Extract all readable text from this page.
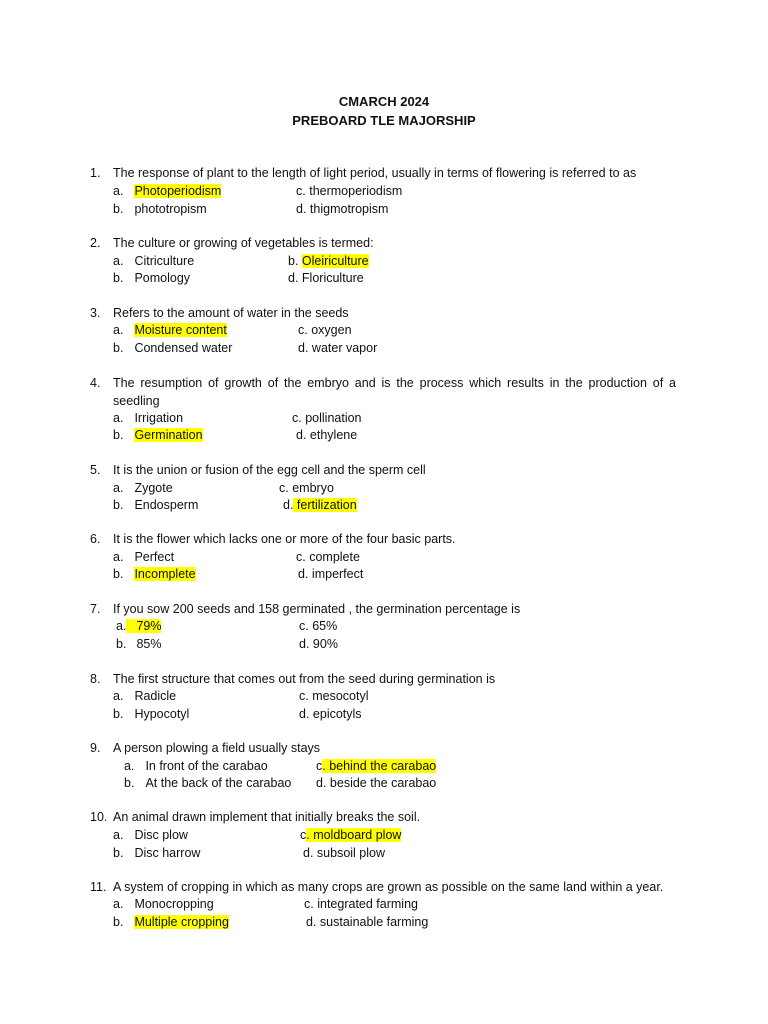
CMARCH 2024
PREBOARD TLE MAJORSHIP
1.	The response of plant to the length of light period, usually in terms of flowering is referred to as
a. Photoperiodism
b. phototropism
c. thermoperiodism
d. thigmotropism
2.	The culture or growing of vegetables is termed:
a. Citriculture
b. Pomology
b. Oleiriculture
d. Floriculture
3.	Refers to the amount of water in the seeds
a. Moisture content
b. Condensed water
c. oxygen
d. water vapor
4.	The resumption of growth of the embryo and is the process which results in the production of a seedling
a. Irrigation
b. Germination
c. pollination
d. ethylene
5.	It is the union or fusion of the egg cell and the sperm cell
a. Zygote
b. Endosperm
c. embryo
d. fertilization
6.	It is the flower which lacks one or more of the four basic parts.
a. Perfect
b. Incomplete
c. complete
d. imperfect
7.	If you sow 200 seeds and 158 germinated , the germination percentage is
a. 79%
b. 85%
c. 65%
d. 90%
8.	The first structure that comes out from the seed during germination is
a. Radicle
b. Hypocotyl
c. mesocotyl
d. epicotyls
9.	A person plowing a field usually stays
a. In front of the carabao
b. At the back of the carabao
c. behind the carabao
d. beside the carabao
10. An animal drawn implement that initially breaks the soil.
a. Disc plow
b. Disc harrow
c. moldboard plow
d. subsoil plow
11. A system of cropping in which as many crops are grown as possible on the same land within a year.
a. Monocropping
b. Multiple cropping
c. integrated farming
d. sustainable farming
